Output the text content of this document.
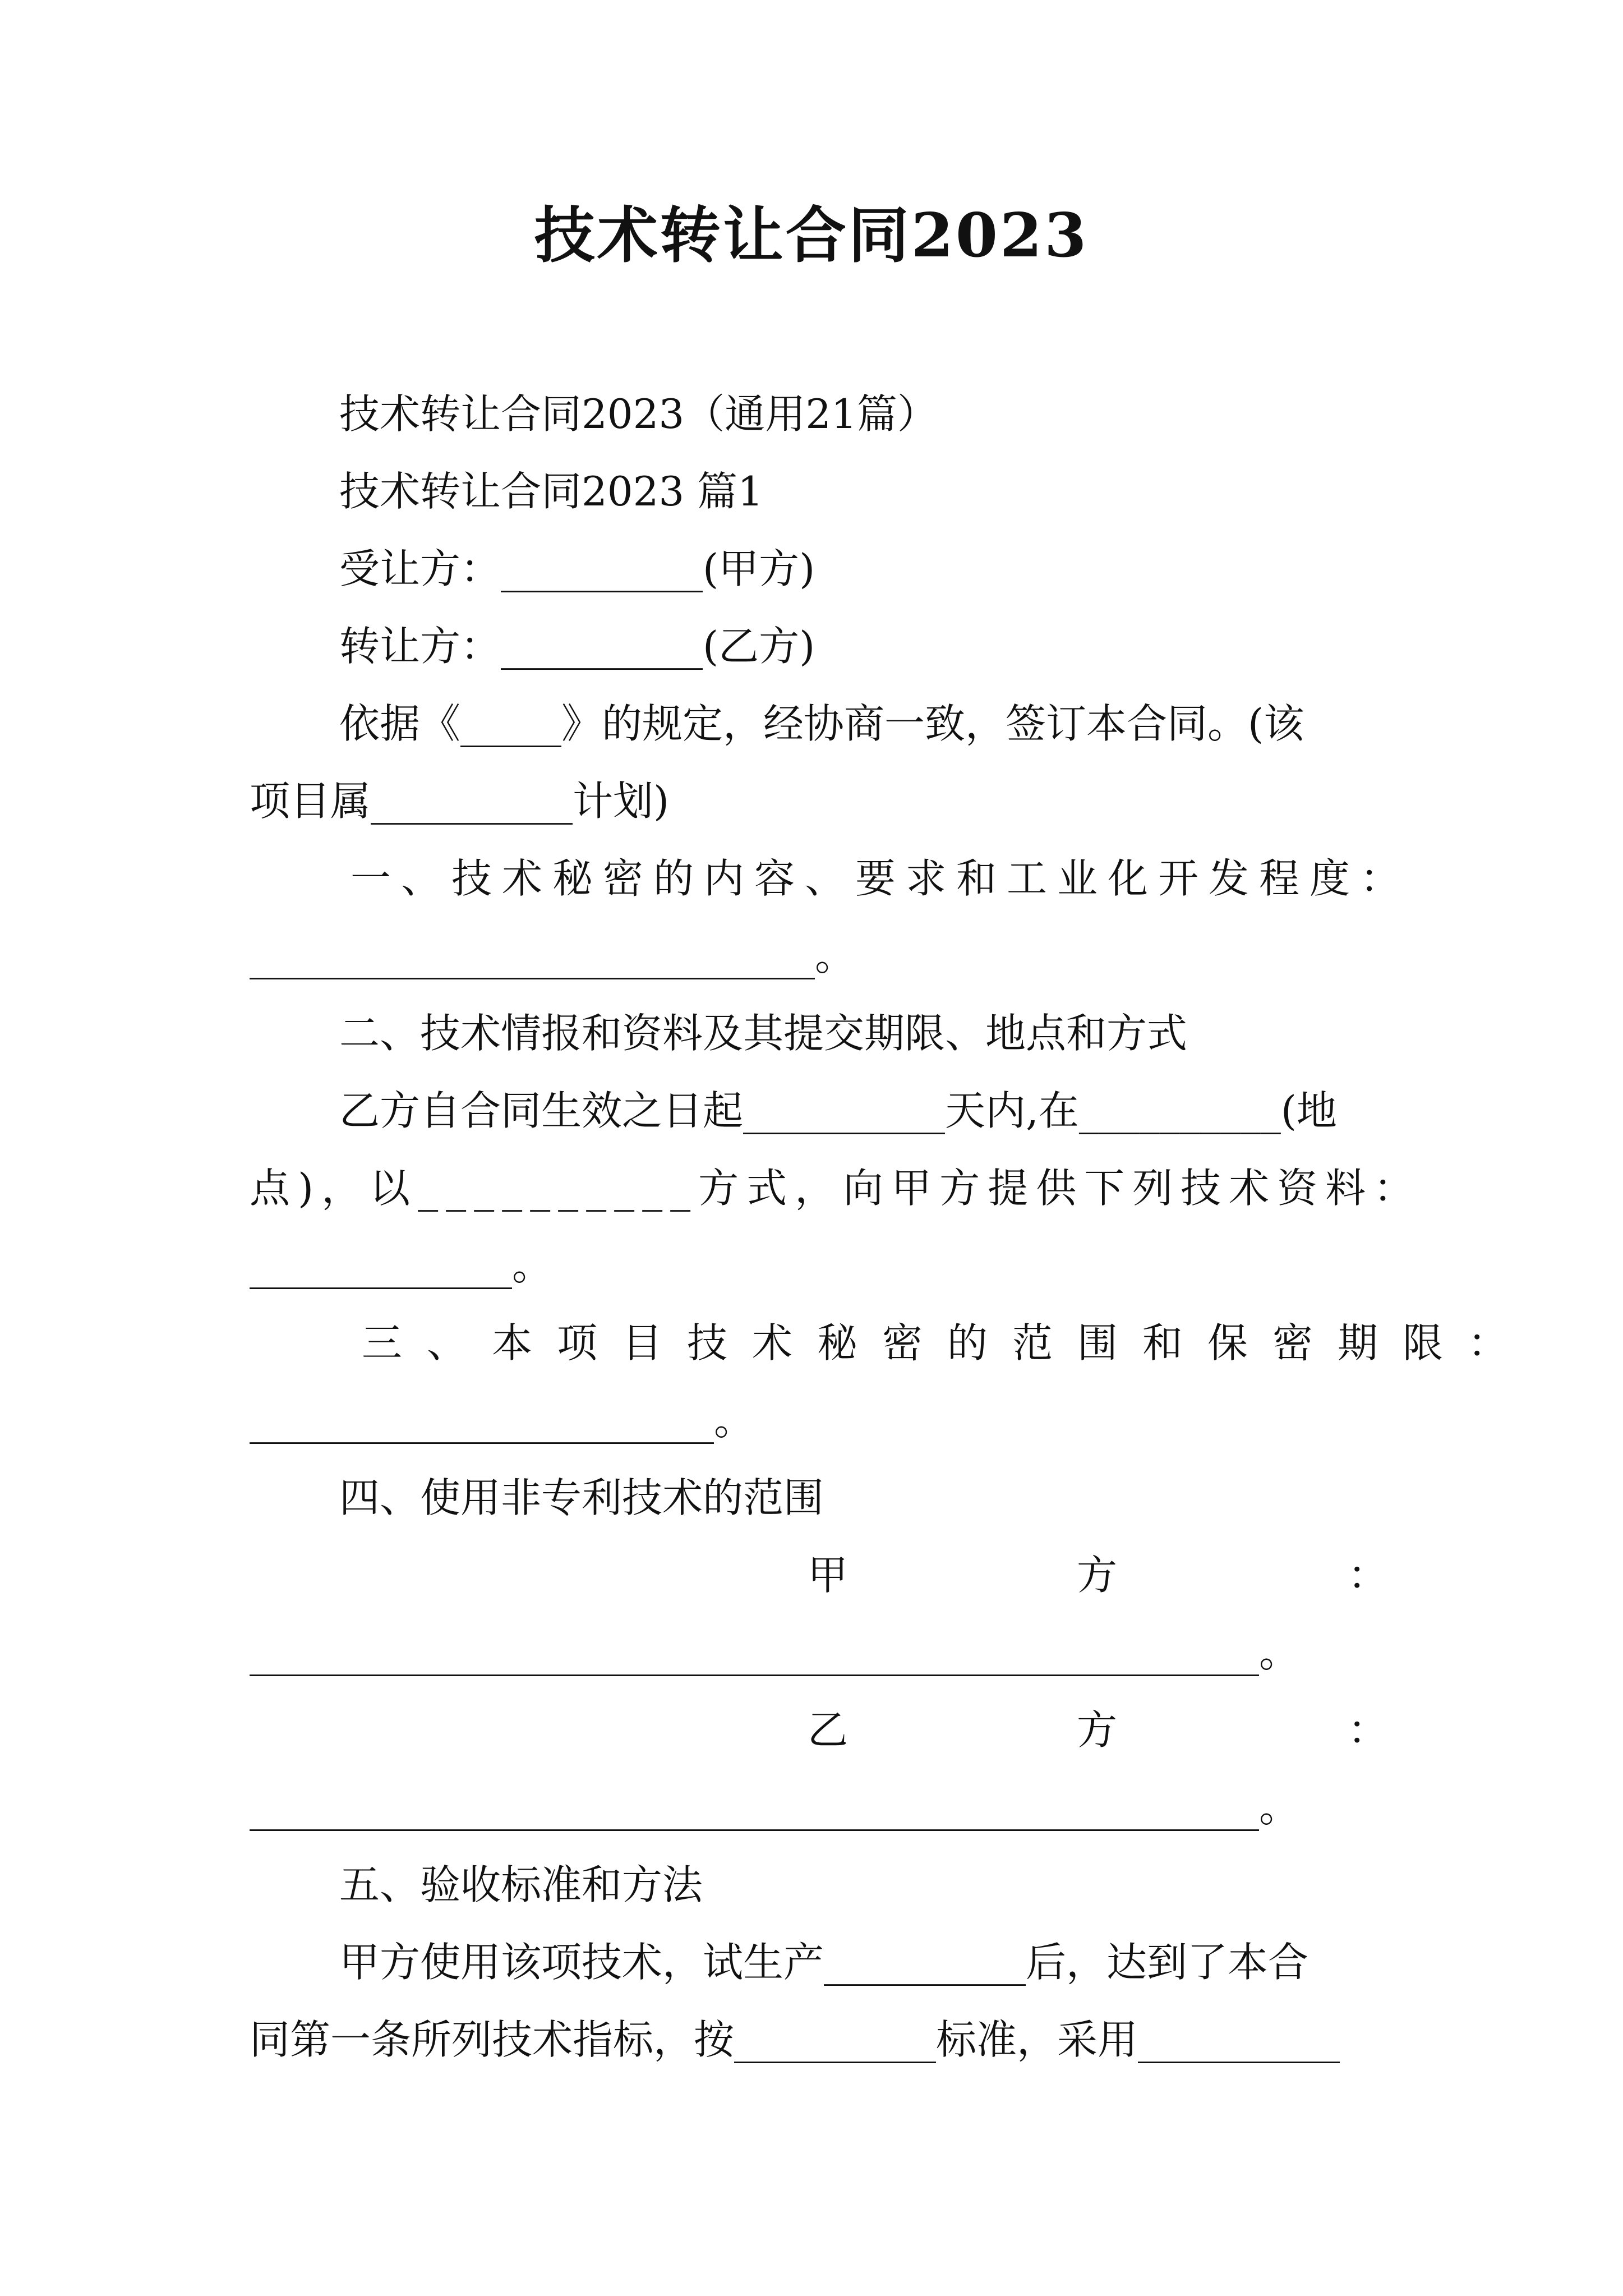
技术转让合同2023
技术转让合同2023（通用21篇）
技术转让合同2023 篇1
受让方：__________(甲方)
转让方：__________(乙方)
依据《_____》的规定，经协商一致，签订本合同。(该
项目属__________计划)
一、技术秘密的内容、要求和工业化开发程度：
____________________________。
二、技术情报和资料及其提交期限、地点和方式
乙方自合同生效之日起__________天内,在__________(地
点)，以__________方式，向甲方提供下列技术资料：
_____________。
三、本项目技术秘密的范围和保密期限：
_______________________。
四、使用非专利技术的范围
甲	方	：
__________________________________________________。
乙	方	：
__________________________________________________。
五、验收标准和方法
甲方使用该项技术，试生产__________后，达到了本合
同第一条所列技术指标，按__________标准，采用__________
